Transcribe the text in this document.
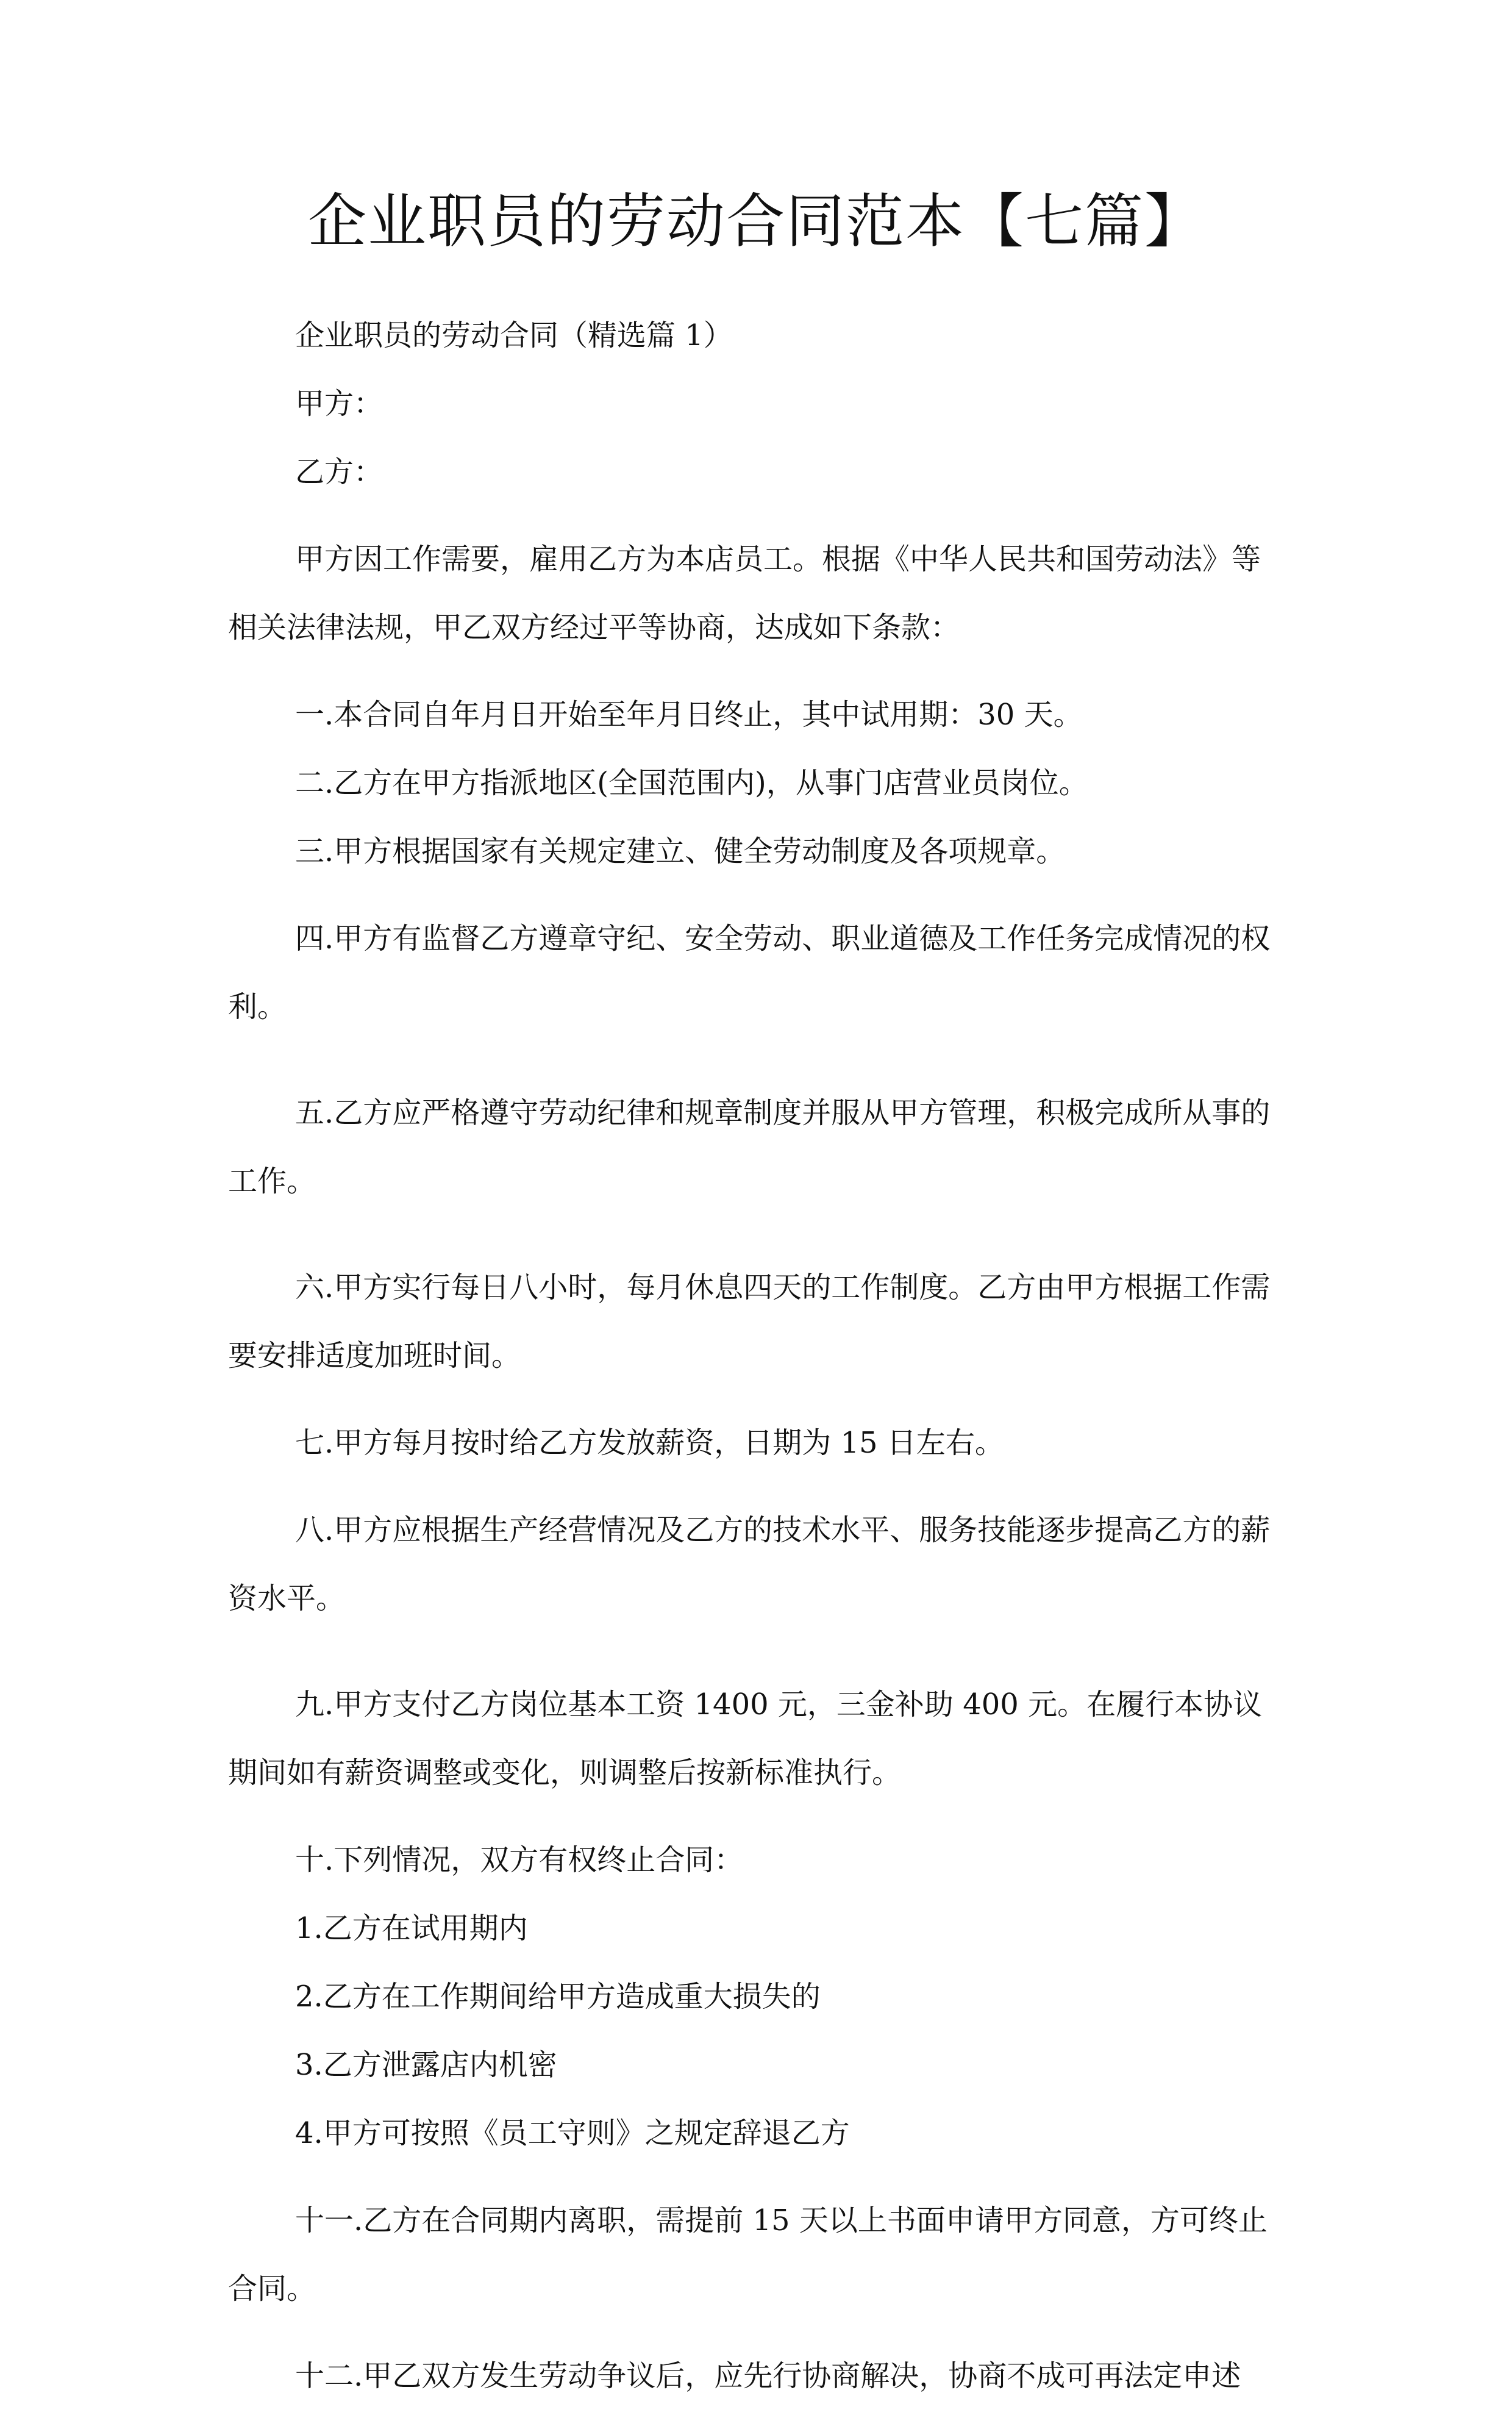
企业职员的劳动合同范本【七篇】

企业职员的劳动合同（精选篇 1）

甲方：

乙方：

甲方因工作需要，雇用乙方为本店员工。根据《中华人民共和国劳动法》等相关法律法规，甲乙双方经过平等协商，达成如下条款：

一.本合同自年月日开始至年月日终止，其中试用期：30 天。

二.乙方在甲方指派地区(全国范围内)，从事门店营业员岗位。

三.甲方根据国家有关规定建立、健全劳动制度及各项规章。

四.甲方有监督乙方遵章守纪、安全劳动、职业道德及工作任务完成情况的权利。

五.乙方应严格遵守劳动纪律和规章制度并服从甲方管理，积极完成所从事的工作。

六.甲方实行每日八小时，每月休息四天的工作制度。乙方由甲方根据工作需要安排适度加班时间。

七.甲方每月按时给乙方发放薪资，日期为 15 日左右。

八.甲方应根据生产经营情况及乙方的技术水平、服务技能逐步提高乙方的薪资水平。

九.甲方支付乙方岗位基本工资 1400 元，三金补助 400 元。在履行本协议期间如有薪资调整或变化，则调整后按新标准执行。

十.下列情况，双方有权终止合同：

1.乙方在试用期内

2.乙方在工作期间给甲方造成重大损失的

3.乙方泄露店内机密

4.甲方可按照《员工守则》之规定辞退乙方

十一.乙方在合同期内离职，需提前 15 天以上书面申请甲方同意，方可终止合同。

十二.甲乙双方发生劳动争议后，应先行协商解决，协商不成可再法定申述
